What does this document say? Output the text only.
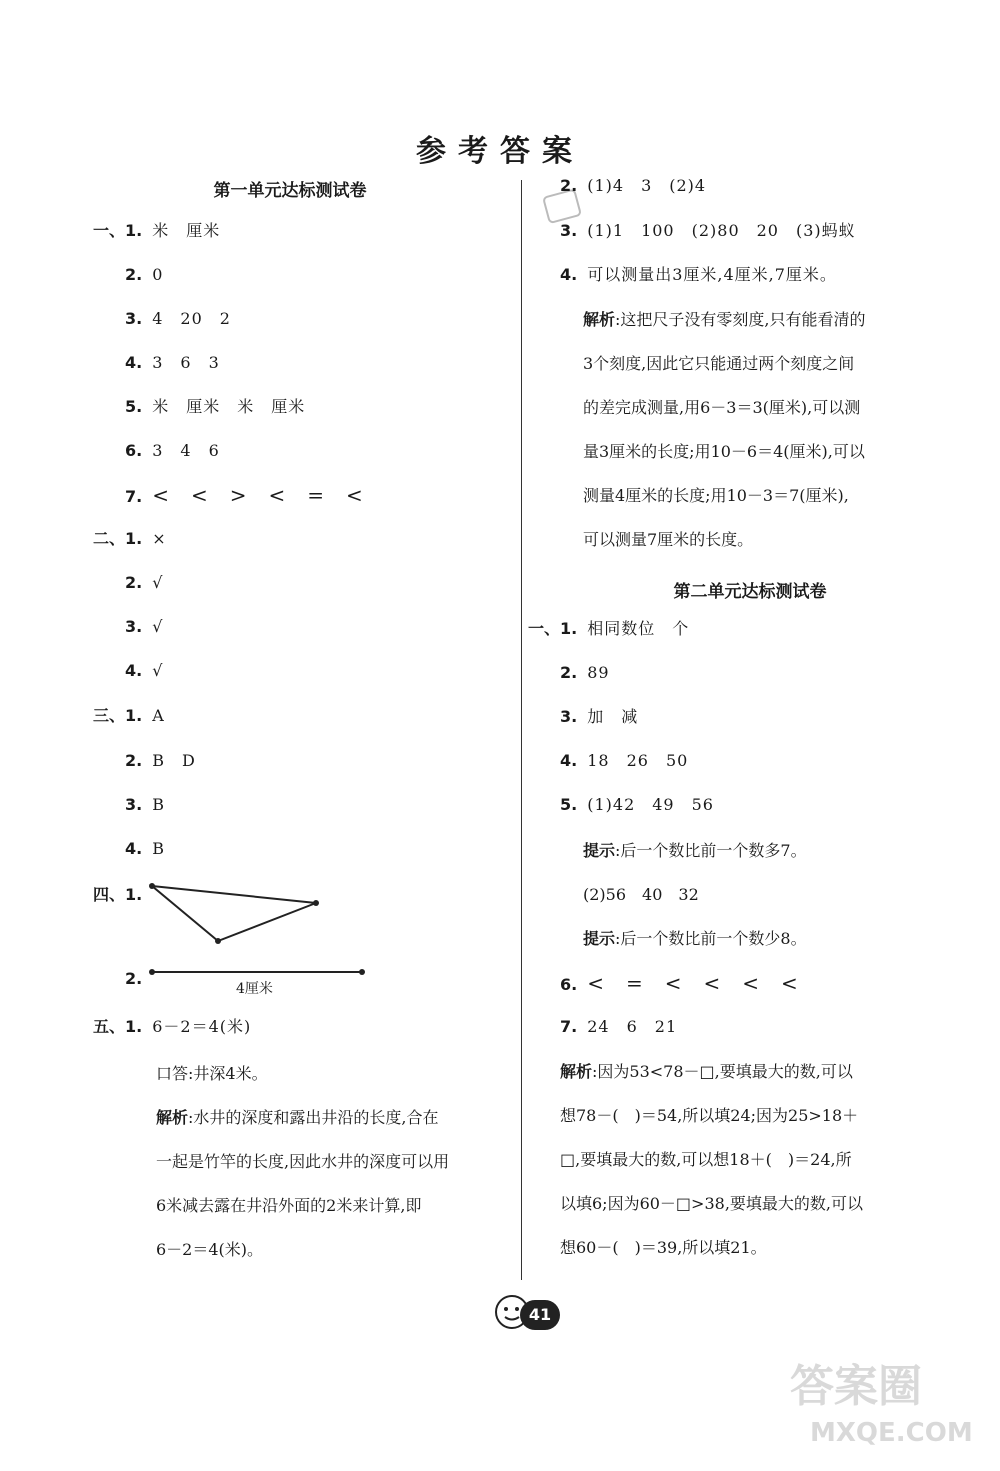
参考答案
第一单元达标测试卷
一、1. 米　厘米
2. 0
3. 4　20　2
4. 3　6　3
5. 米　厘米　米　厘米
6. 3　4　6
7. <　<　>　<　=　<
二、1. ×
2. √
3. √
4. √
三、1. A
2. B　D
3. B
4. B
四、1.
2.
五、1. 6－2＝4(米)
4厘米
口答:井深4米。
解析:水井的深度和露出井沿的长度,合在
一起是竹竿的长度,因此水井的深度可以用
6米减去露在井沿外面的2米来计算,即
6－2＝4(米)。
2. (1)4　3　(2)4
3. (1)1　100　(2)80　20　(3)蚂蚁
4. 可以测量出3厘米,4厘米,7厘米。
解析:这把尺子没有零刻度,只有能看清的
3个刻度,因此它只能通过两个刻度之间
的差完成测量,用6－3＝3(厘米),可以测
量3厘米的长度;用10－6＝4(厘米),可以
测量4厘米的长度;用10－3＝7(厘米),
可以测量7厘米的长度。
第二单元达标测试卷
一、1. 相同数位　个
2. 89
3. 加　减
4. 18　26　50
5. (1)42　49　56
提示:后一个数比前一个数多7。
(2)56　40　32
提示:后一个数比前一个数少8。
6. <　=　<　<　<　<
7. 24　6　21
解析:因为53<78－□,要填最大的数,可以
想78－(　)＝54,所以填24;因为25>18＋
□,要填最大的数,可以想18＋(　)＝24,所
以填6;因为60－□>38,要填最大的数,可以
想60－(　)＝39,所以填21。
41
答案圈
MXQE.COM
